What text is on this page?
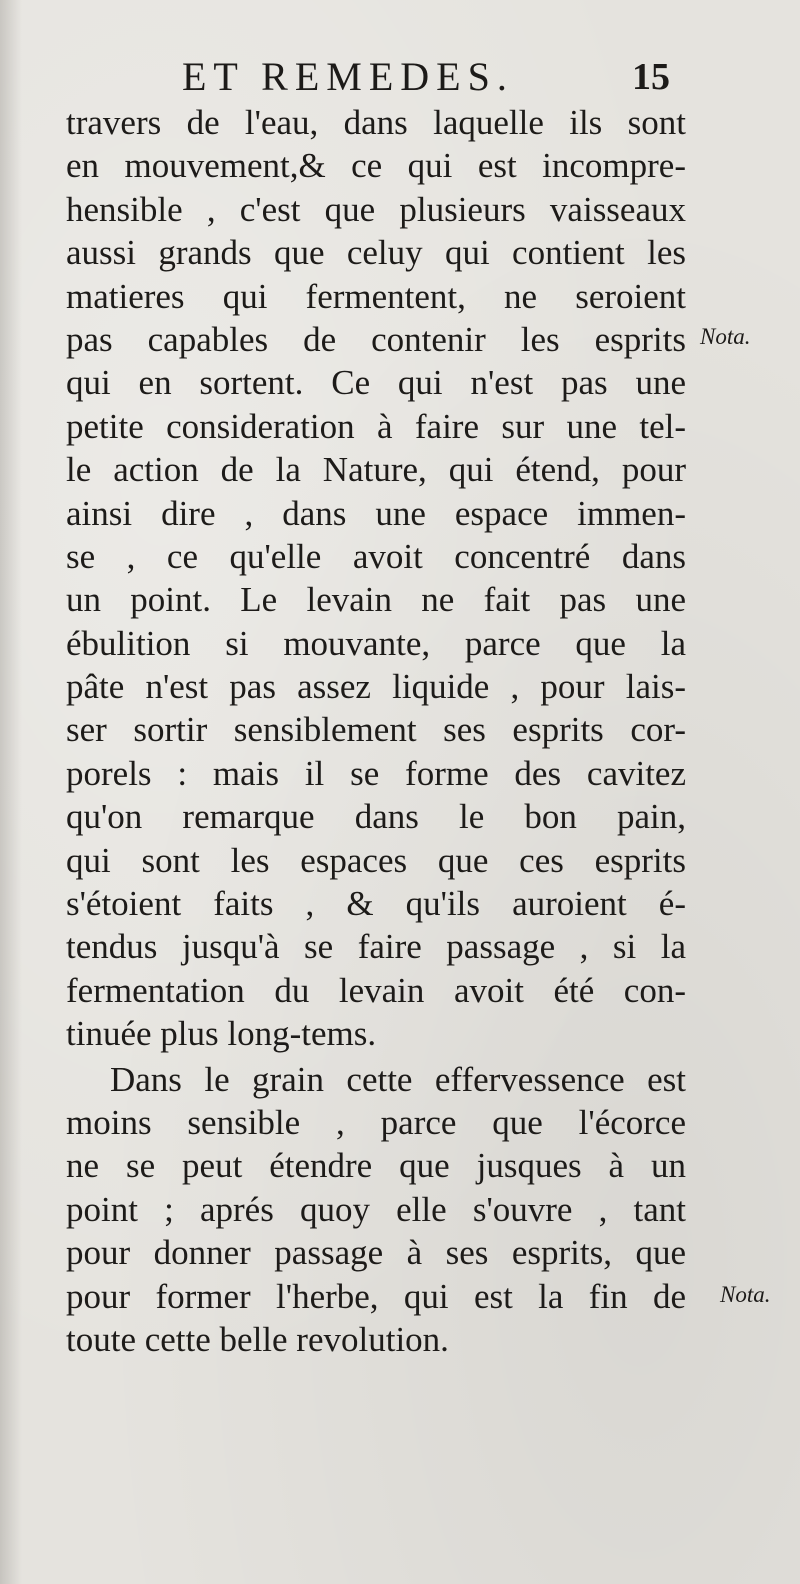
ET REMEDES.	15
travers de l'eau, dans laquelle ils sont
en mouvement,& ce qui est incompre-
hensible , c'est que plusieurs vaisseaux
aussi grands que celuy qui contient les
matieres qui fermentent, ne seroient
pas capables de contenir les esprits
qui en sortent. Ce qui n'est pas une
petite consideration à faire sur une tel-
le action de la Nature, qui étend, pour
ainsi dire , dans une espace immen-
se , ce qu'elle avoit concentré dans
un point. Le levain ne fait pas une
ébulition si mouvante, parce que la
pâte n'est pas assez liquide , pour lais-
ser sortir sensiblement ses esprits cor-
porels : mais il se forme des cavitez
qu'on remarque dans le bon pain,
qui sont les espaces que ces esprits
s'étoient faits , & qu'ils auroient é-
tendus jusqu'à se faire passage , si la
fermentation du levain avoit été con-
tinuée plus long-tems.
Dans le grain cette effervessence est
moins sensible , parce que l'écorce
ne se peut étendre que jusques à un
point ; aprés quoy elle s'ouvre , tant
pour donner passage à ses esprits, que
pour former l'herbe, qui est la fin de
toute cette belle revolution.
Nota.
Nota.
